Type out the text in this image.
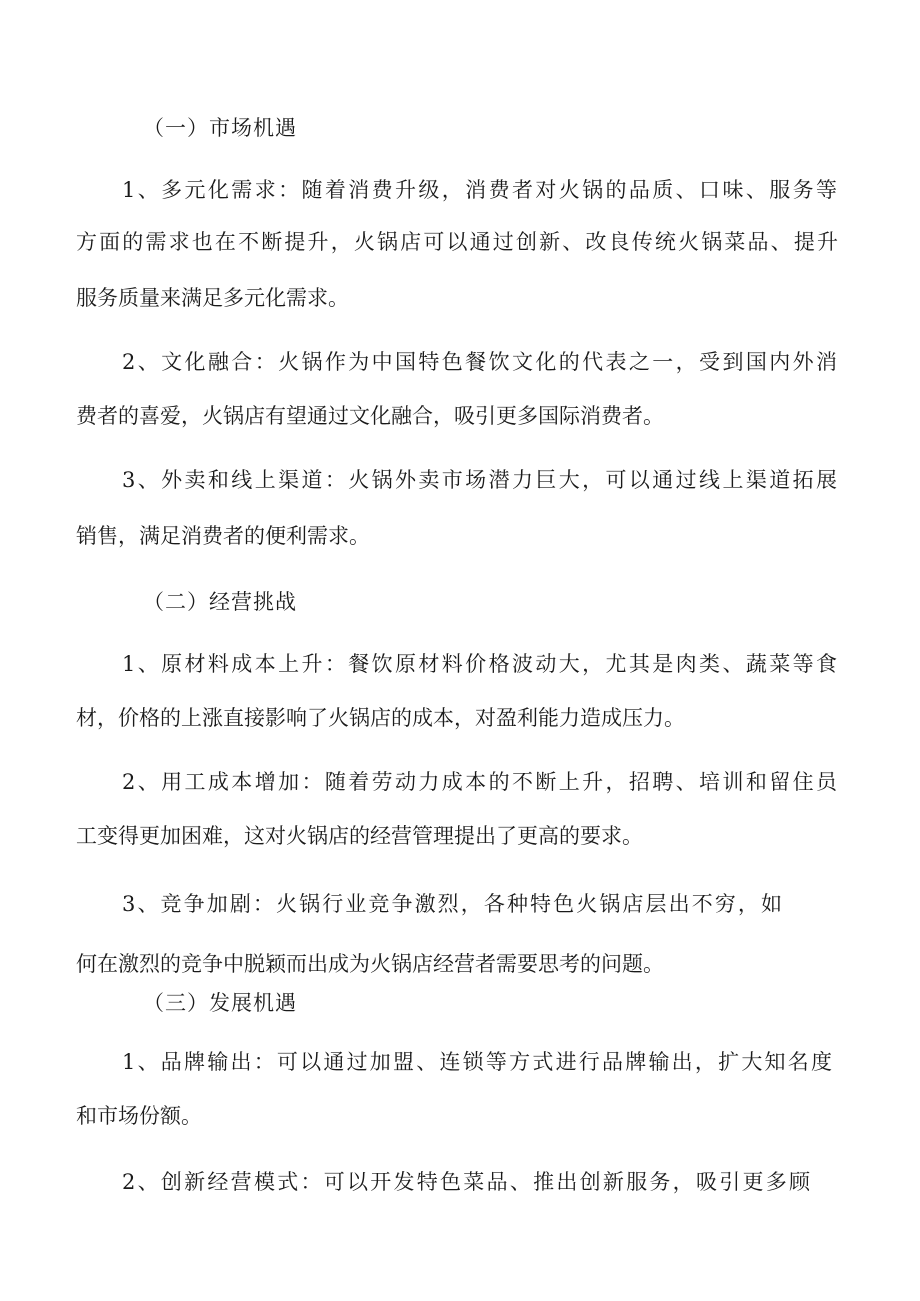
（一）市场机遇

1、多元化需求：随着消费升级，消费者对火锅的品质、口味、服务等

方面的需求也在不断提升，火锅店可以通过创新、改良传统火锅菜品、提升

服务质量来满足多元化需求。

2、文化融合：火锅作为中国特色餐饮文化的代表之一，受到国内外消

费者的喜爱，火锅店有望通过文化融合，吸引更多国际消费者。

3、外卖和线上渠道：火锅外卖市场潜力巨大，可以通过线上渠道拓展

销售，满足消费者的便利需求。

（二）经营挑战

1、原材料成本上升：餐饮原材料价格波动大，尤其是肉类、蔬菜等食

材，价格的上涨直接影响了火锅店的成本，对盈利能力造成压力。

2、用工成本增加：随着劳动力成本的不断上升，招聘、培训和留住员

工变得更加困难，这对火锅店的经营管理提出了更高的要求。

3、竞争加剧：火锅行业竞争激烈，各种特色火锅店层出不穷，如

何在激烈的竞争中脱颖而出成为火锅店经营者需要思考的问题。

（三）发展机遇

1、品牌输出：可以通过加盟、连锁等方式进行品牌输出，扩大知名度

和市场份额。

2、创新经营模式：可以开发特色菜品、推出创新服务，吸引更多顾
